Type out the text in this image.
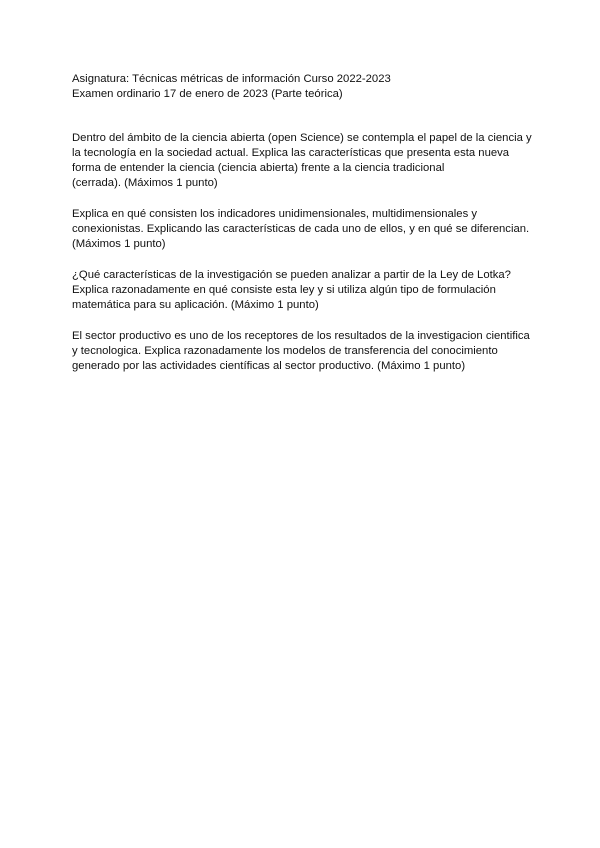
Asignatura: Técnicas métricas de información Curso 2022-2023

Examen ordinario 17 de enero de 2023 (Parte teórica)

Dentro del ámbito de la ciencia abierta (open Science) se contempla el papel de la ciencia y
la tecnología en la sociedad actual. Explica las características que presenta esta nueva
forma de entender la ciencia (ciencia abierta) frente a la ciencia tradicional
(cerrada). (Máximos 1 punto)
Explica en qué consisten los indicadores unidimensionales, multidimensionales y
conexionistas. Explicando las características de cada uno de ellos, y en qué se diferencian.
(Máximos 1 punto)
¿Qué características de la investigación se pueden analizar a partir de la Ley de Lotka?
Explica razonadamente en qué consiste esta ley y si utiliza algún tipo de formulación
matemática para su aplicación. (Máximo 1 punto)
El sector productivo es uno de los receptores de los resultados de la investigacion cientifica
y tecnologica. Explica razonadamente los modelos de transferencia del conocimiento
generado por las actividades científicas al sector productivo. (Máximo 1 punto)
